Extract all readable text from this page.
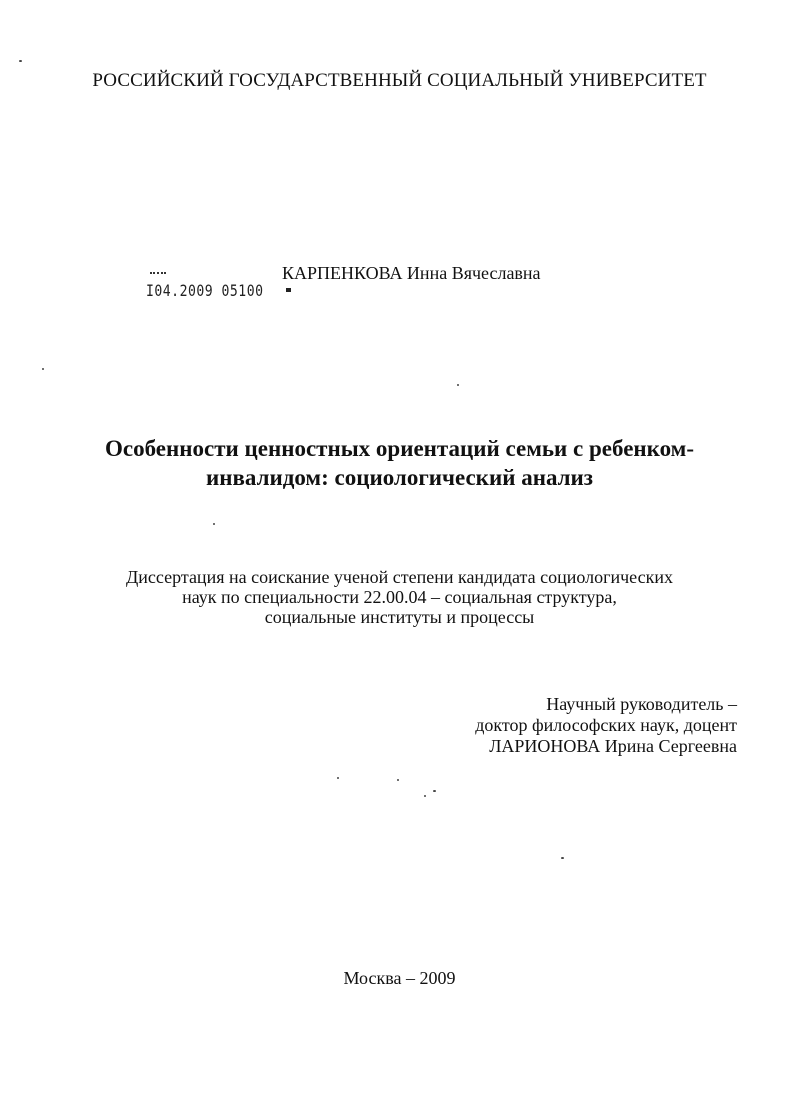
РОССИЙСКИЙ ГОСУДАРСТВЕННЫЙ СОЦИАЛЬНЫЙ УНИВЕРСИТЕТ
I04.2009 05100
КАРПЕНКОВА Инна Вячеславна
Особенности ценностных ориентаций семьи с ребенком-
инвалидом: социологический анализ
Диссертация на соискание ученой степени кандидата социологических
наук по специальности 22.00.04 – социальная структура,
социальные институты и процессы
Научный руководитель –
доктор философских наук, доцент
ЛАРИОНОВА Ирина Сергеевна
Москва – 2009
